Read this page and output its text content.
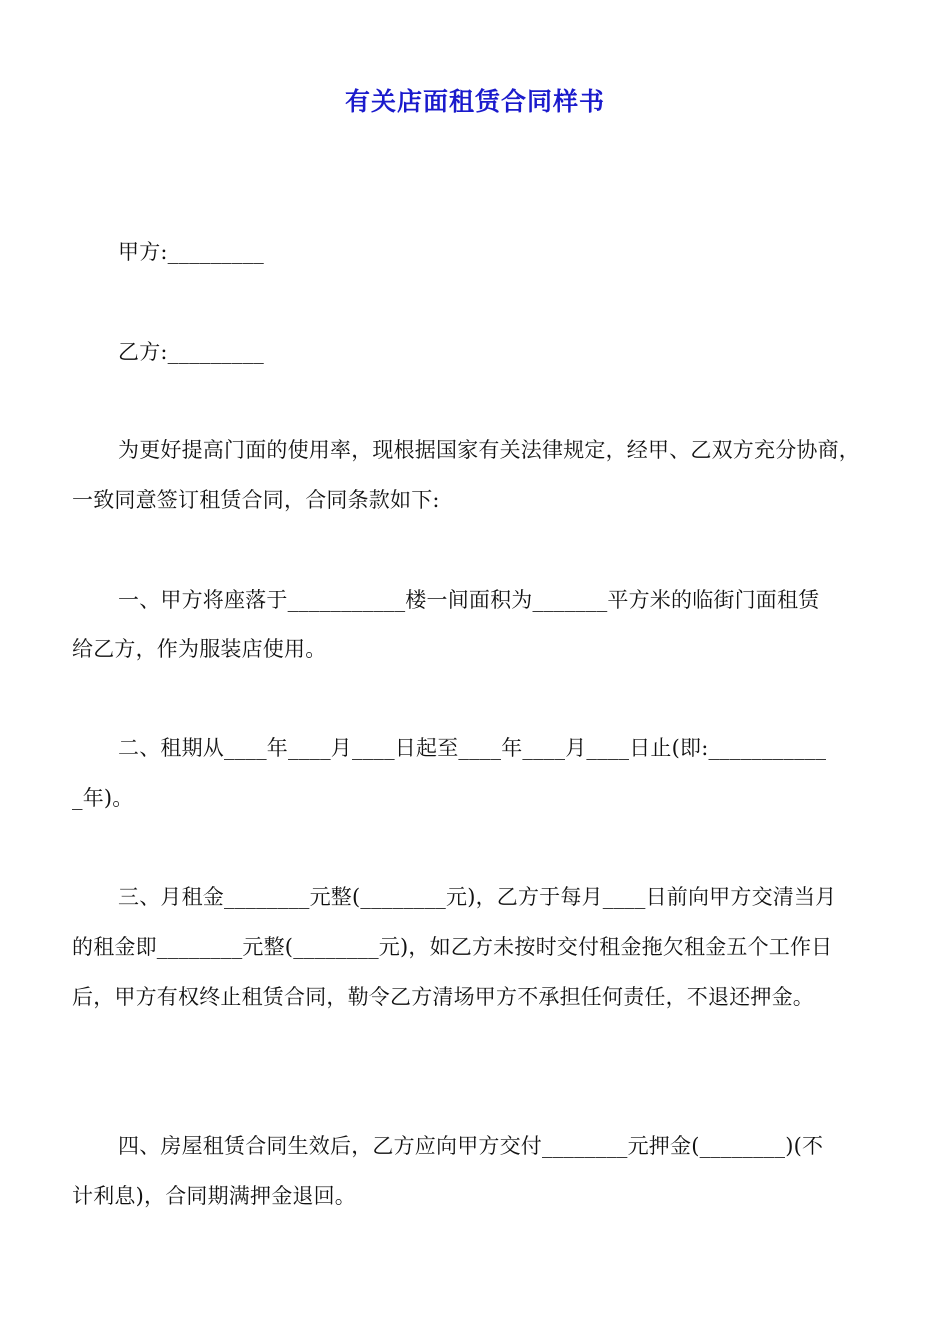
有关店面租赁合同样书
甲方:_________
乙方:_________
为更好提高门面的使用率，现根据国家有关法律规定，经甲、乙双方充分协商，
一致同意签订租赁合同，合同条款如下:
一、甲方将座落于___________楼一间面积为_______平方米的临街门面租赁
给乙方，作为服装店使用。
二、租期从____年____月____日起至____年____月____日止(即:___________
_年)。
三、月租金________元整(________元)，乙方于每月____日前向甲方交清当月
的租金即________元整(________元)，如乙方未按时交付租金拖欠租金五个工作日
后，甲方有权终止租赁合同，勒令乙方清场甲方不承担任何责任，不退还押金。
四、房屋租赁合同生效后，乙方应向甲方交付________元押金(________)(不
计利息)，合同期满押金退回。
